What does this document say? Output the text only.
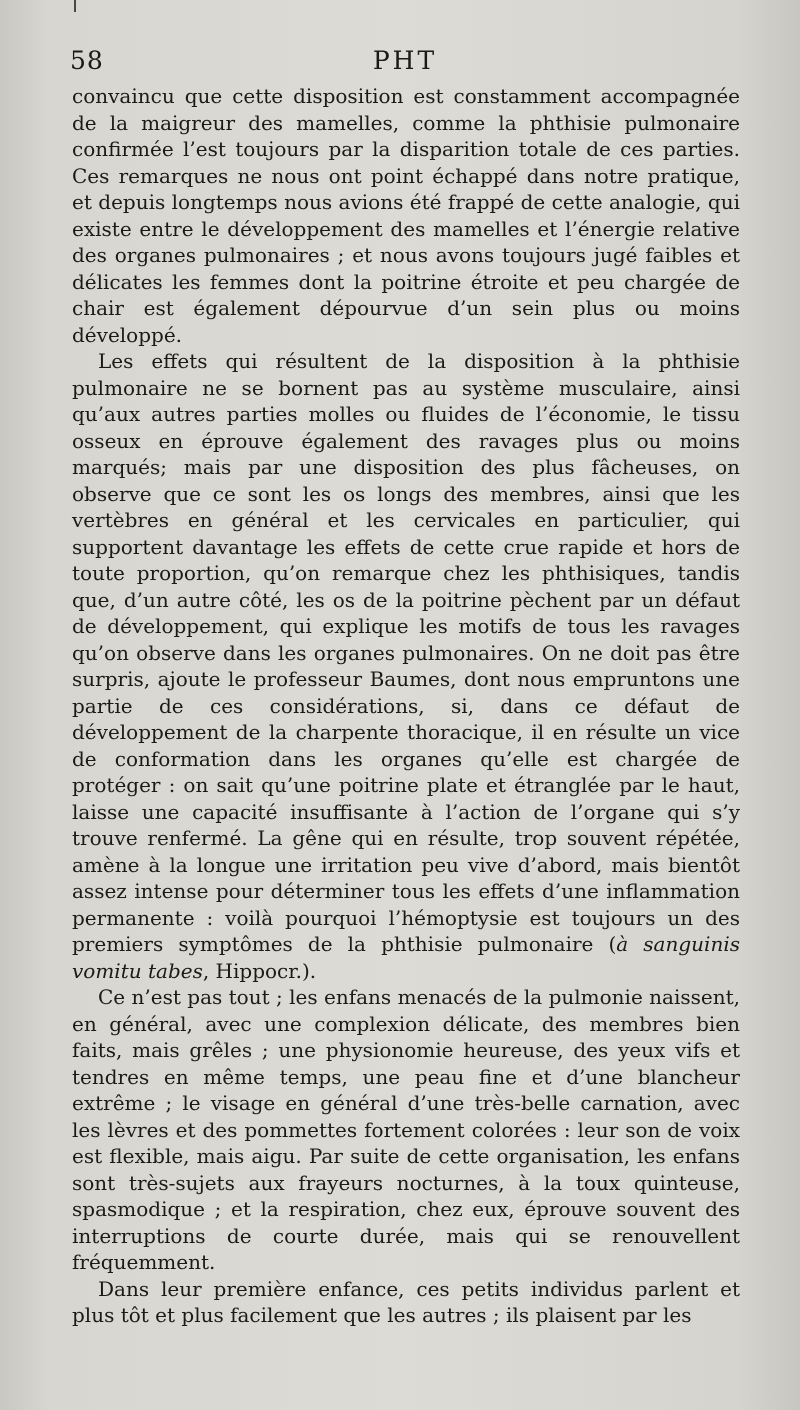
58	PHT

convaincu que cette disposition est constamment accompagnée de la maigreur des mamelles, comme la phthisie pulmonaire confirmée l’est toujours par la disparition totale de ces parties. Ces remarques ne nous ont point échappé dans notre pratique, et depuis longtemps nous avions été frappé de cette analogie, qui existe entre le développement des mamelles et l’énergie relative des organes pulmonaires ; et nous avons toujours jugé faibles et délicates les femmes dont la poitrine étroite et peu chargée de chair est également dépourvue d’un sein plus ou moins développé.

Les effets qui résultent de la disposition à la phthisie pulmonaire ne se bornent pas au système musculaire, ainsi qu’aux autres parties molles ou fluides de l’économie, le tissu osseux en éprouve également des ravages plus ou moins marqués; mais par une disposition des plus fâcheuses, on observe que ce sont les os longs des membres, ainsi que les vertèbres en général et les cervicales en particulier, qui supportent davantage les effets de cette crue rapide et hors de toute proportion, qu’on remarque chez les phthisiques, tandis que, d’un autre côté, les os de la poitrine pèchent par un défaut de développement, qui explique les motifs de tous les ravages qu’on observe dans les organes pulmonaires. On ne doit pas être surpris, ajoute le professeur Baumes, dont nous empruntons une partie de ces considérations, si, dans ce défaut de développement de la charpente thoracique, il en résulte un vice de conformation dans les organes qu’elle est chargée de protéger : on sait qu’une poitrine plate et étranglée par le haut, laisse une capacité insuffisante à l’action de l’organe qui s’y trouve renfermé. La gêne qui en résulte, trop souvent répétée, amène à la longue une irritation peu vive d’abord, mais bientôt assez intense pour déterminer tous les effets d’une inflammation permanente : voilà pourquoi l’hémoptysie est toujours un des premiers symptômes de la phthisie pulmonaire (à sanguinis vomitu tabes, Hippocr.).

Ce n’est pas tout ; les enfans menacés de la pulmonie naissent, en général, avec une complexion délicate, des membres bien faits, mais grêles ; une physionomie heureuse, des yeux vifs et tendres en même temps, une peau fine et d’une blancheur extrême ; le visage en général d’une très-belle carnation, avec les lèvres et des pommettes fortement colorées : leur son de voix est flexible, mais aigu. Par suite de cette organisation, les enfans sont très-sujets aux frayeurs nocturnes, à la toux quinteuse, spasmodique ; et la respiration, chez eux, éprouve souvent des interruptions de courte durée, mais qui se renouvellent fréquemment.

Dans leur première enfance, ces petits individus parlent et plus tôt et plus facilement que les autres ; ils plaisent par les
